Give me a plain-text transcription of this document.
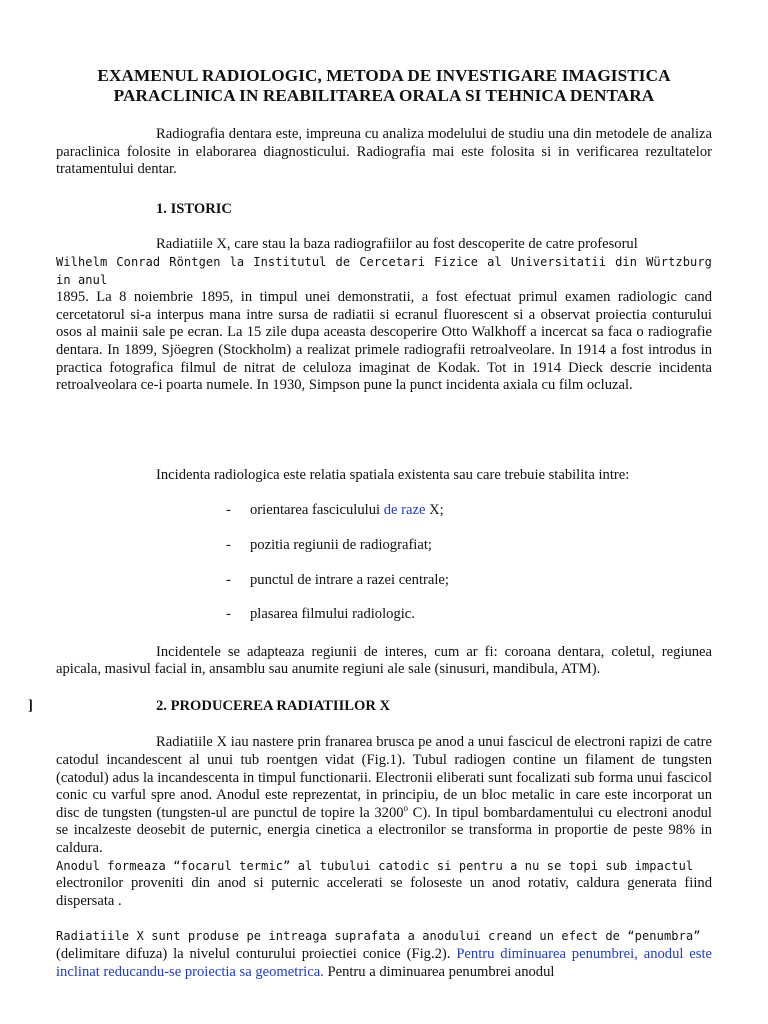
EXAMENUL RADIOLOGIC, METODA DE INVESTIGARE IMAGISTICA
PARACLINICA IN REABILITAREA ORALA SI TEHNICA DENTARA

Radiografia dentara este, impreuna cu analiza modelului de studiu una din metodele de analiza paraclinica folosite in elaborarea diagnosticului. Radiografia mai este folosita si in verificarea rezultatelor tratamentului dentar.

1. ISTORIC

Radiatiile X, care stau la baza radiografiilor au fost descoperite de catre profesorul

Wilhelm Conrad Röntgen la Institutul de Cercetari Fizice al Universitatii din Würtzburg in anul

1895. La 8 noiembrie 1895, in timpul unei demonstratii, a fost efectuat primul examen radiologic cand cercetatorul si-a interpus mana intre sursa de radiatii si ecranul fluorescent si a observat proiectia conturului osos al mainii sale pe ecran. La 15 zile dupa aceasta descoperire Otto Walkhoff a incercat sa faca o radiografie dentara. In 1899, Sjöegren (Stockholm) a realizat primele radiografii retroalveolare. In 1914 a fost introdus in practica fotografica filmul de nitrat de celuloza imaginat de Kodak. Tot in 1914 Dieck descrie incidenta retroalveolara ce-i poarta numele. In 1930, Simpson pune la punct incidenta axiala cu film ocluzal.

Incidenta radiologica este relatia spatiala existenta sau care trebuie stabilita intre:

- orientarea fasciculului de raze X;

- pozitia regiunii de radiografiat;

- punctul de intrare a razei centrale;

- plasarea filmului radiologic.

Incidentele se adapteaza regiunii de interes, cum ar fi: coroana dentara, coletul, regiunea apicala, masivul facial in, ansamblu sau anumite regiuni ale sale (sinusuri, mandibula, ATM).

]	2. PRODUCEREA RADIATIILOR X

Radiatiile X iau nastere prin franarea brusca pe anod a unui fascicul de electroni rapizi de catre catodul incandescent al unui tub roentgen vidat (Fig.1). Tubul radiogen contine un filament de tungsten (catodul) adus la incandescenta in timpul functionarii. Electronii eliberati sunt focalizati sub forma unui fascicol conic cu varful spre anod. Anodul este reprezentat, in principiu, de un bloc metalic in care este incorporat un disc de tungsten (tungsten-ul are punctul de topire la 3200$^o$ C). In tipul bombardamentului cu electroni anodul se incalzeste deosebit de puternic, energia cinetica a electronilor se transforma in proportie de peste 98% in caldura.

Anodul formeaza “focarul termic” al tubului catodic si pentru a nu se topi sub impactul

electronilor proveniti din anod si puternic accelerati se foloseste un anod rotativ, caldura generata fiind dispersata .

Radiatiile X sunt produse pe intreaga suprafata a anodului creand un efect de “penumbra”

(delimitare difuza) la nivelul conturului proiectiei conice (Fig.2). Pentru diminuarea penumbrei, anodul este inclinat reducandu-se proiectia sa geometrica. Pentru a diminuarea penumbrei anodul
